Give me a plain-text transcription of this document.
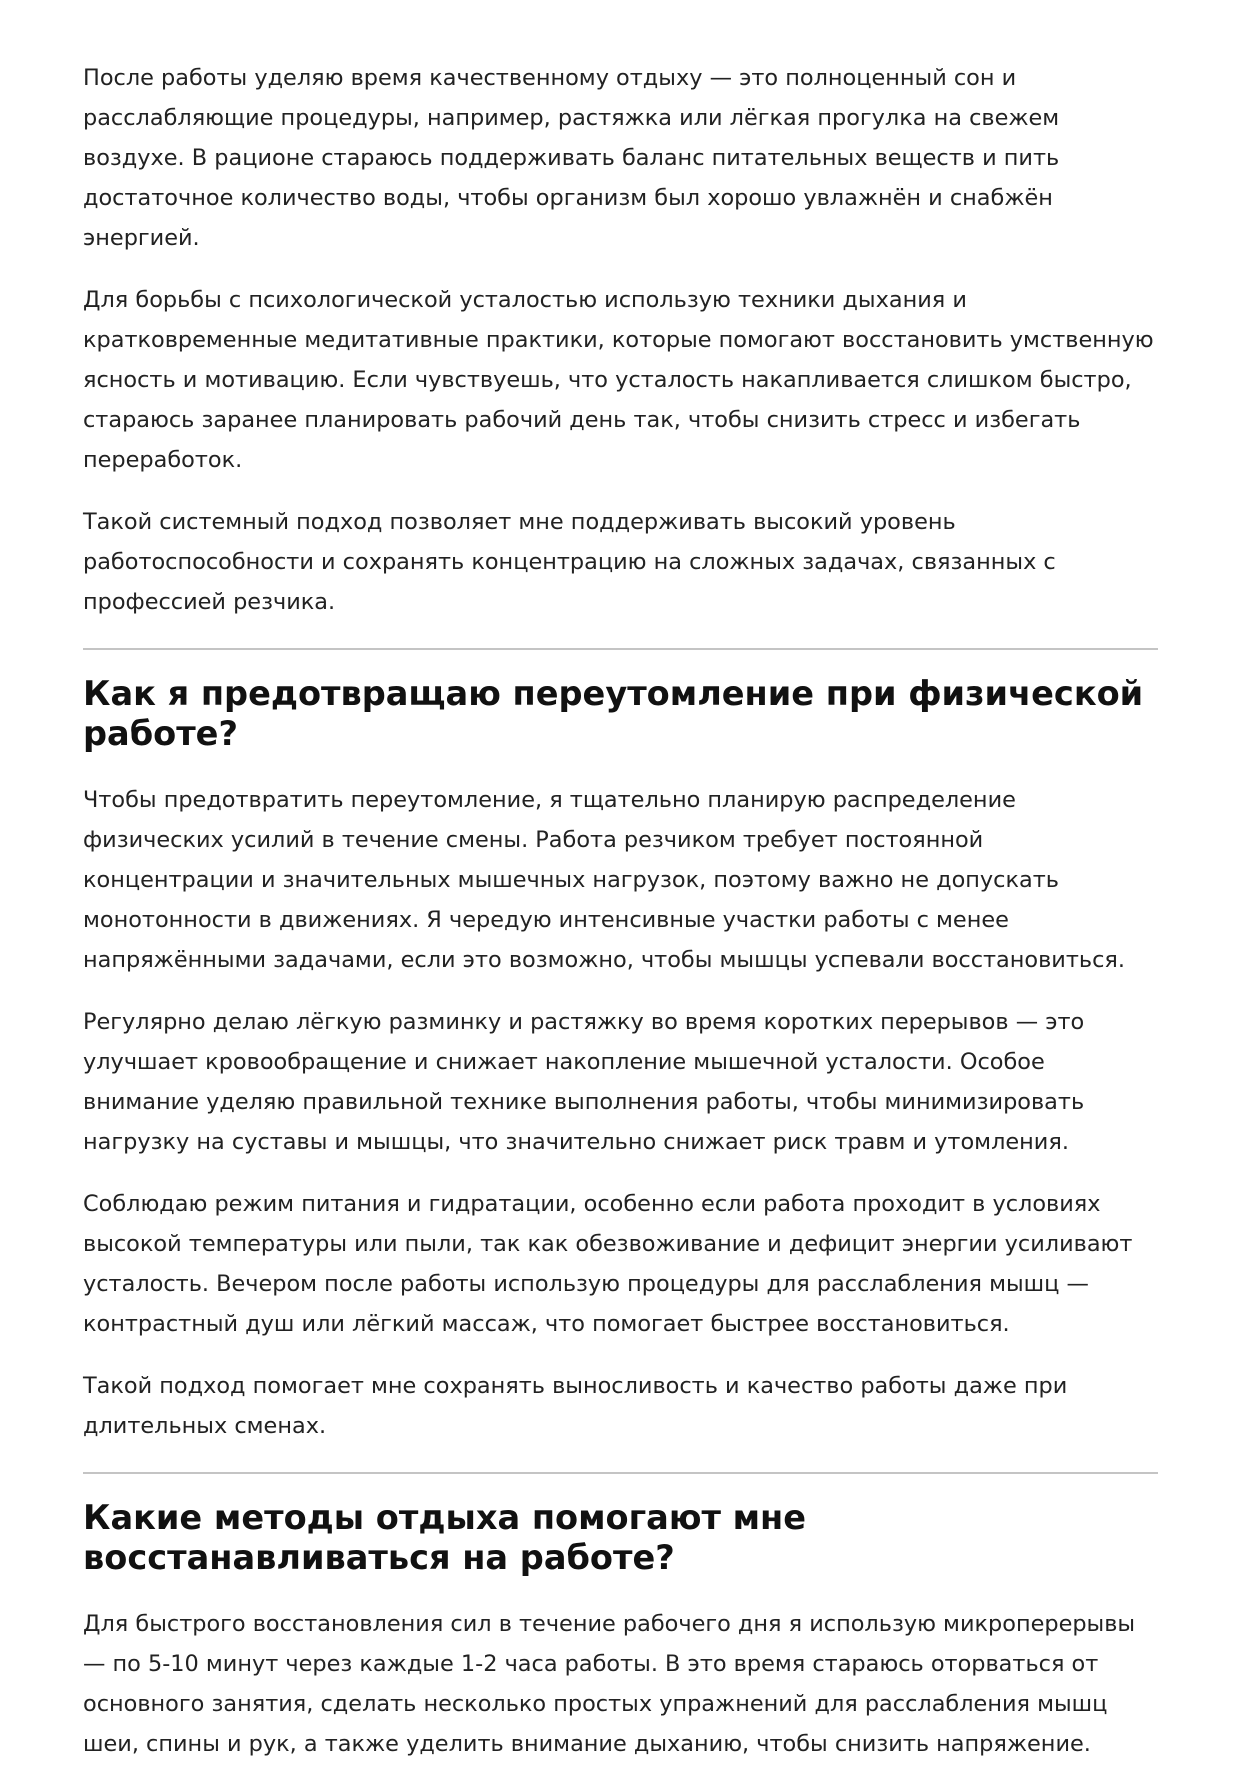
После работы уделяю время качественному отдыху — это полноценный сон и расслабляющие процедуры, например, растяжка или лёгкая прогулка на свежем воздухе. В рационе стараюсь поддерживать баланс питательных веществ и пить достаточное количество воды, чтобы организм был хорошо увлажнён и снабжён энергией.

Для борьбы с психологической усталостью использую техники дыхания и кратковременные медитативные практики, которые помогают восстановить умственную ясность и мотивацию. Если чувствуешь, что усталость накапливается слишком быстро, стараюсь заранее планировать рабочий день так, чтобы снизить стресс и избегать переработок.

Такой системный подход позволяет мне поддерживать высокий уровень работоспособности и сохранять концентрацию на сложных задачах, связанных с профессией резчика.

Как я предотвращаю переутомление при физической работе?

Чтобы предотвратить переутомление, я тщательно планирую распределение физических усилий в течение смены. Работа резчиком требует постоянной концентрации и значительных мышечных нагрузок, поэтому важно не допускать монотонности в движениях. Я чередую интенсивные участки работы с менее напряжёнными задачами, если это возможно, чтобы мышцы успевали восстановиться.

Регулярно делаю лёгкую разминку и растяжку во время коротких перерывов — это улучшает кровообращение и снижает накопление мышечной усталости. Особое внимание уделяю правильной технике выполнения работы, чтобы минимизировать нагрузку на суставы и мышцы, что значительно снижает риск травм и утомления.

Соблюдаю режим питания и гидратации, особенно если работа проходит в условиях высокой температуры или пыли, так как обезвоживание и дефицит энергии усиливают усталость. Вечером после работы использую процедуры для расслабления мышц — контрастный душ или лёгкий массаж, что помогает быстрее восстановиться.

Такой подход помогает мне сохранять выносливость и качество работы даже при длительных сменах.

Какие методы отдыха помогают мне восстанавливаться на работе?

Для быстрого восстановления сил в течение рабочего дня я использую микроперерывы — по 5-10 минут через каждые 1-2 часа работы. В это время стараюсь оторваться от основного занятия, сделать несколько простых упражнений для расслабления мышц шеи, спины и рук, а также уделить внимание дыханию, чтобы снизить напряжение.
